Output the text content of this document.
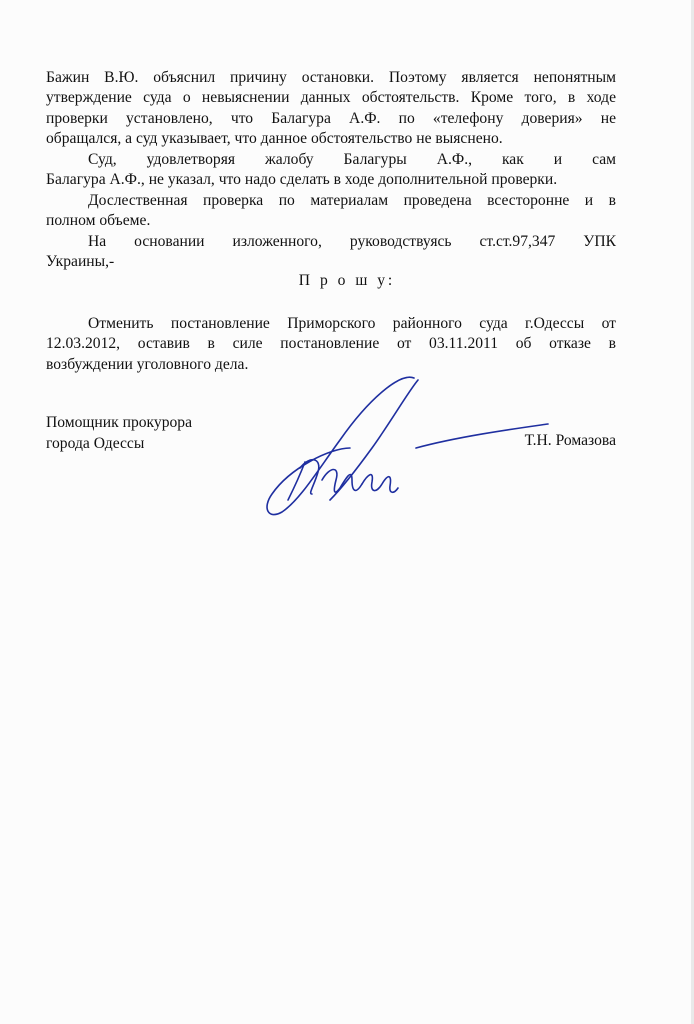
Бажин В.Ю. объяснил причину остановки. Поэтому является непонятным
утверждение суда о невыяснении данных обстоятельств. Кроме того, в ходе
проверки установлено, что Балагура А.Ф. по «телефону доверия» не
обращался, а суд указывает, что данное обстоятельство не выяснено.

Суд, удовлетворяя жалобу Балагуры А.Ф., как и сам
Балагура А.Ф., не указал, что надо сделать в ходе дополнительной проверки.

Дослественная проверка по материалам проведена всесторонне и в
полном объеме.

На основании изложенного, руководствуясь ст.ст.97,347 УПК
Украины,-

П р о ш у:

Отменить постановление Приморского районного суда г.Одессы от
12.03.2012, оставив в силе постановление от 03.11.2011 об отказе в
возбуждении уголовного дела.

Помощник прокурора
города Одессы	Т.Н. Ромазова
